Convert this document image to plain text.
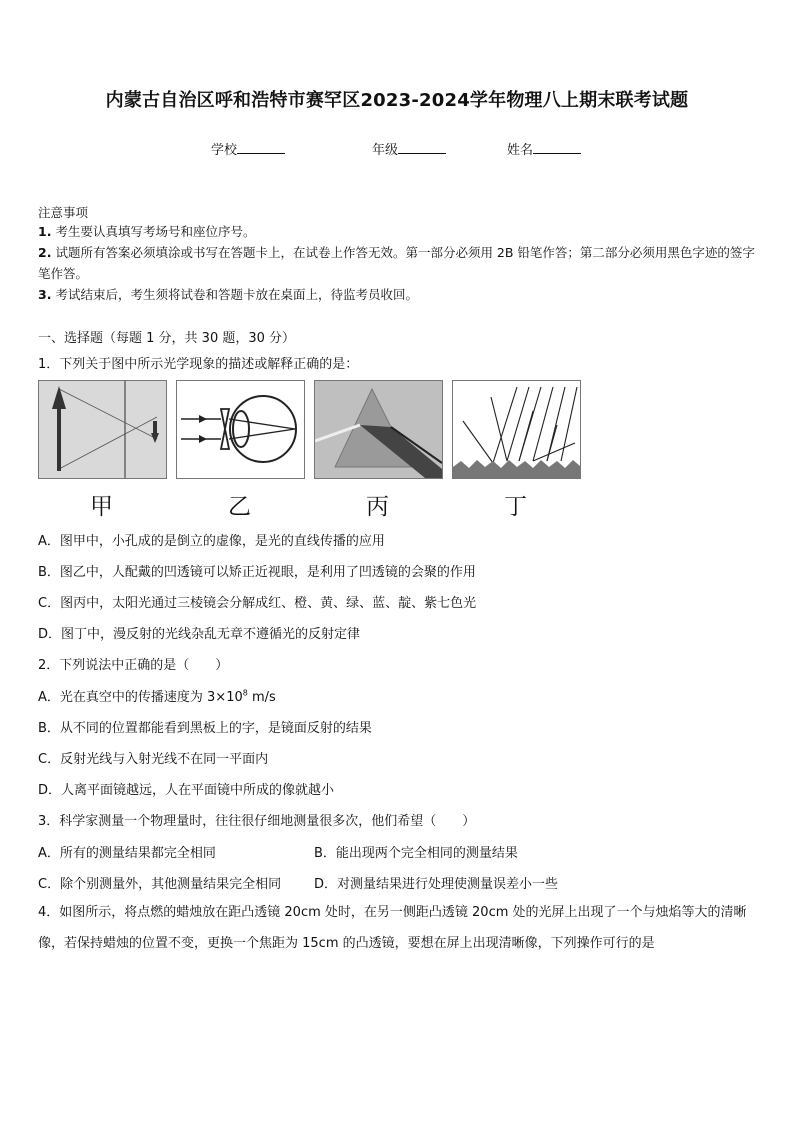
内蒙古自治区呼和浩特市赛罕区2023-2024学年物理八上期末联考试题
学校	年级	姓名
注意事项
1. 考生要认真填写考场号和座位序号。
2. 试题所有答案必须填涂或书写在答题卡上，在试卷上作答无效。第一部分必须用 2B 铅笔作答；第二部分必须用黑色字迹的签字笔作答。
3. 考试结束后，考生须将试卷和答题卡放在桌面上，待监考员收回。
一、选择题（每题 1 分，共 30 题，30 分）
1．下列关于图中所示光学现象的描述或解释正确的是：
甲	乙	丙	丁
A．图甲中，小孔成的是倒立的虚像，是光的直线传播的应用
B．图乙中，人配戴的凹透镜可以矫正近视眼，是利用了凹透镜的会聚的作用
C．图丙中，太阳光通过三棱镜会分解成红、橙、黄、绿、蓝、靛、紫七色光
D．图丁中，漫反射的光线杂乱无章不遵循光的反射定律
2．下列说法中正确的是（　　）
A．光在真空中的传播速度为 $3\times 10^8$ m/s
B．从不同的位置都能看到黑板上的字，是镜面反射的结果
C．反射光线与入射光线不在同一平面内
D．人离平面镜越远，人在平面镜中所成的像就越小
3．科学家测量一个物理量时，往往很仔细地测量很多次，他们希望（　　）
A．所有的测量结果都完全相同	B．能出现两个完全相同的测量结果
C．除个别测量外，其他测量结果完全相同	D．对测量结果进行处理使测量误差小一些
4．如图所示，将点燃的蜡烛放在距凸透镜 20cm 处时，在另一侧距凸透镜 20cm 处的光屏上出现了一个与烛焰等大的清晰像，若保持蜡烛的位置不变，更换一个焦距为 15cm 的凸透镜，要想在屏上出现清晰像，下列操作可行的是
